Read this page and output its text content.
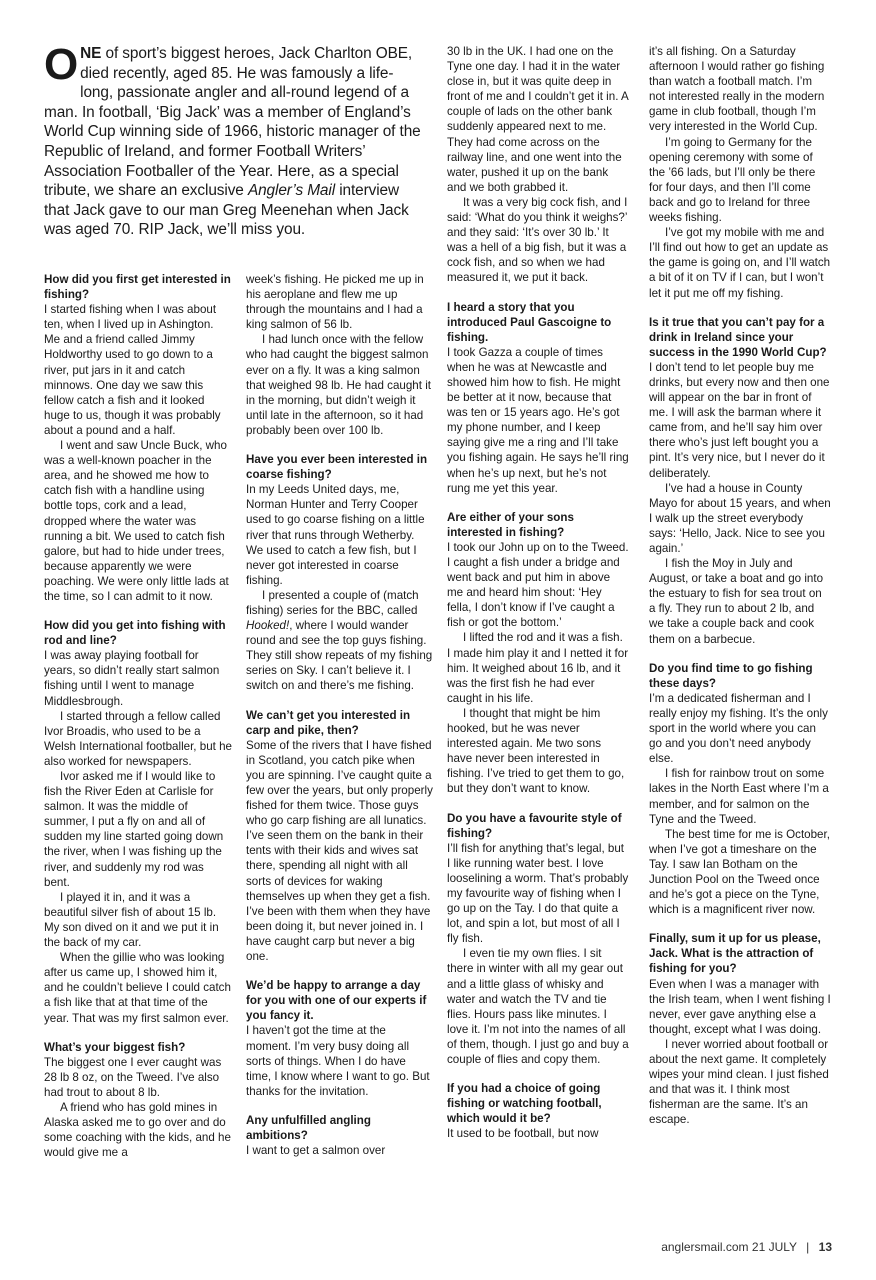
ONE of sport’s biggest heroes, Jack Charlton OBE, died recently, aged 85. He was famously a life-long, passionate angler and all-round legend of a man. In football, ‘Big Jack’ was a member of England’s World Cup winning side of 1966, historic manager of the Republic of Ireland, and former Football Writers’ Association Footballer of the Year. Here, as a special tribute, we share an exclusive Angler’s Mail interview that Jack gave to our man Greg Meenehan when Jack was aged 70. RIP Jack, we’ll miss you.

How did you first get interested in fishing?

I started fishing when I was about ten, when I lived up in Ashington. Me and a friend called Jimmy Holdworthy used to go down to a river, put jars in it and catch minnows. One day we saw this fellow catch a fish and it looked huge to us, though it was probably about a pound and a half.

I went and saw Uncle Buck, who was a well-known poacher in the area, and he showed me how to catch fish with a handline using bottle tops, cork and a lead, dropped where the water was running a bit. We used to catch fish galore, but had to hide under trees, because apparently we were poaching. We were only little lads at the time, so I can admit to it now.

How did you get into fishing with rod and line?

I was away playing football for years, so didn’t really start salmon fishing until I went to manage Middlesbrough.

I started through a fellow called Ivor Broadis, who used to be a Welsh International footballer, but he also worked for newspapers.

Ivor asked me if I would like to fish the River Eden at Carlisle for salmon. It was the middle of summer, I put a fly on and all of sudden my line started going down the river, when I was fishing up the river, and suddenly my rod was bent.

I played it in, and it was a beautiful silver fish of about 15 lb. My son dived on it and we put it in the back of my car.

When the gillie who was looking after us came up, I showed him it, and he couldn’t believe I could catch a fish like that at that time of the year. That was my first salmon ever.

What’s your biggest fish?

The biggest one I ever caught was 28 lb 8 oz, on the Tweed. I’ve also had trout to about 8 lb.

A friend who has gold mines in Alaska asked me to go over and do some coaching with the kids, and he would give me a

week’s fishing. He picked me up in his aeroplane and flew me up through the mountains and I had a king salmon of 56 lb.

I had lunch once with the fellow who had caught the biggest salmon ever on a fly. It was a king salmon that weighed 98 lb. He had caught it in the morning, but didn’t weigh it until late in the afternoon, so it had probably been over 100 lb.

Have you ever been interested in coarse fishing?

In my Leeds United days, me, Norman Hunter and Terry Cooper used to go coarse fishing on a little river that runs through Wetherby. We used to catch a few fish, but I never got interested in coarse fishing.

I presented a couple of (match fishing) series for the BBC, called Hooked!, where I would wander round and see the top guys fishing. They still show repeats of my fishing series on Sky. I can’t believe it. I switch on and there’s me fishing.

We can’t get you interested in carp and pike, then?

Some of the rivers that I have fished in Scotland, you catch pike when you are spinning. I’ve caught quite a few over the years, but only properly fished for them twice. Those guys who go carp fishing are all lunatics. I’ve seen them on the bank in their tents with their kids and wives sat there, spending all night with all sorts of devices for waking themselves up when they get a fish. I’ve been with them when they have been doing it, but never joined in. I have caught carp but never a big one.

We’d be happy to arrange a day for you with one of our experts if you fancy it.

I haven’t got the time at the moment. I’m very busy doing all sorts of things. When I do have time, I know where I want to go. But thanks for the invitation.

Any unfulfilled angling ambitions?

I want to get a salmon over

30 lb in the UK. I had one on the Tyne one day. I had it in the water close in, but it was quite deep in front of me and I couldn’t get it in. A couple of lads on the other bank suddenly appeared next to me. They had come across on the railway line, and one went into the water, pushed it up on the bank and we both grabbed it.

It was a very big cock fish, and I said: ‘What do you think it weighs?’ and they said: ‘It’s over 30 lb.’ It was a hell of a big fish, but it was a cock fish, and so when we had measured it, we put it back.

I heard a story that you introduced Paul Gascoigne to fishing.

I took Gazza a couple of times when he was at Newcastle and showed him how to fish. He might be better at it now, because that was ten or 15 years ago. He’s got my phone number, and I keep saying give me a ring and I’ll take you fishing again. He says he’ll ring when he’s up next, but he’s not rung me yet this year.

Are either of your sons interested in fishing?

I took our John up on to the Tweed. I caught a fish under a bridge and went back and put him in above me and heard him shout: ‘Hey fella, I don’t know if I’ve caught a fish or got the bottom.’

I lifted the rod and it was a fish. I made him play it and I netted it for him. It weighed about 16 lb, and it was the first fish he had ever caught in his life.

I thought that might be him hooked, but he was never interested again. Me two sons have never been interested in fishing. I’ve tried to get them to go, but they don’t want to know.

Do you have a favourite style of fishing?

I’ll fish for anything that’s legal, but I like running water best. I love looselining a worm. That’s probably my favourite way of fishing when I go up on the Tay. I do that quite a lot, and spin a lot, but most of all I fly fish.

I even tie my own flies. I sit there in winter with all my gear out and a little glass of whisky and water and watch the TV and tie flies. Hours pass like minutes. I love it. I’m not into the names of all of them, though. I just go and buy a couple of flies and copy them.

If you had a choice of going fishing or watching football, which would it be?

It used to be football, but now

it’s all fishing. On a Saturday afternoon I would rather go fishing than watch a football match. I’m not interested really in the modern game in club football, though I’m very interested in the World Cup.

I’m going to Germany for the opening ceremony with some of the ’66 lads, but I’ll only be there for four days, and then I’ll come back and go to Ireland for three weeks fishing.

I’ve got my mobile with me and I’ll find out how to get an update as the game is going on, and I’ll watch a bit of it on TV if I can, but I won’t let it put me off my fishing.

Is it true that you can’t pay for a drink in Ireland since your success in the 1990 World Cup?

I don’t tend to let people buy me drinks, but every now and then one will appear on the bar in front of me. I will ask the barman where it came from, and he’ll say him over there who’s just left bought you a pint. It’s very nice, but I never do it deliberately.

I’ve had a house in County Mayo for about 15 years, and when I walk up the street everybody says: ‘Hello, Jack. Nice to see you again.’

I fish the Moy in July and August, or take a boat and go into the estuary to fish for sea trout on a fly. They run to about 2 lb, and we take a couple back and cook them on a barbecue.

Do you find time to go fishing these days?

I’m a dedicated fisherman and I really enjoy my fishing. It’s the only sport in the world where you can go and you don’t need anybody else.

I fish for rainbow trout on some lakes in the North East where I’m a member, and for salmon on the Tyne and the Tweed.

The best time for me is October, when I’ve got a timeshare on the Tay. I saw Ian Botham on the Junction Pool on the Tweed once and he’s got a piece on the Tyne, which is a magnificent river now.

Finally, sum it up for us please, Jack. What is the attraction of fishing for you?

Even when I was a manager with the Irish team, when I went fishing I never, ever gave anything else a thought, except what I was doing.

I never worried about football or about the next game. It completely wipes your mind clean. I just fished and that was it. I think most fisherman are the same. It’s an escape.

anglersmail.com 21 JULY | 13
